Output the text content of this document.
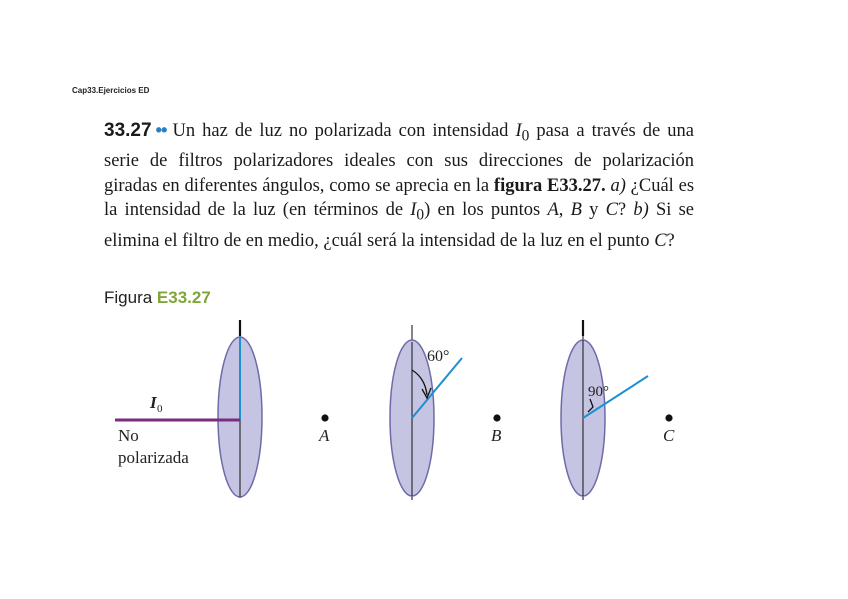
Cap33.Ejercicios ED
33.27 •• Un haz de luz no polarizada con intensidad $I_0$ pasa a través de una serie de filtros polarizadores ideales con sus direcciones de polarización giradas en diferentes ángulos, como se aprecia en la figura E33.27. a) ¿Cuál es la intensidad de la luz (en términos de $I_0$) en los puntos A, B y C? b) Si se elimina el filtro de en medio, ¿cuál será la intensidad de la luz en el punto C?
Figura E33.27
I 0
No
polarizada
A
60°
B
90°
C
